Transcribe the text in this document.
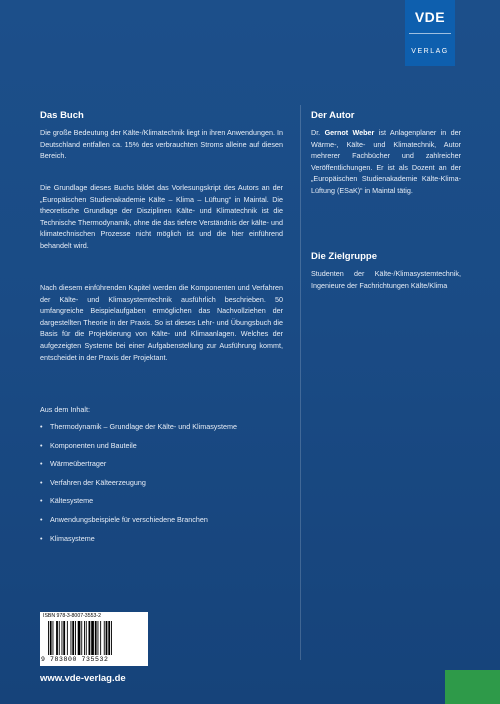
VDE
VERLAG
Das Buch

Die große Bedeutung der Kälte-/Klimatechnik liegt in ihren Anwendungen. In Deutschland entfallen ca. 15% des verbrauchten Stroms alleine auf diesen Bereich.

Die Grundlage dieses Buchs bildet das Vorlesungskript des Autors an der „Europäischen Studienakademie Kälte – Klima – Lüftung“ in Maintal. Die theoretische Grundlage der Disziplinen Kälte- und Klimatechnik ist die Technische Thermodynamik, ohne die das tiefere Verständnis der kälte- und klimatechnischen Prozesse nicht möglich ist und die hier einführend behandelt wird.

Nach diesem einführenden Kapitel werden die Komponenten und Verfahren der Kälte- und Klimasystemtechnik ausführlich beschrieben. 50 umfangreiche Beispielaufgaben ermöglichen das Nachvollziehen der dargestellten Theorie in der Praxis. So ist dieses Lehr- und Übungsbuch die Basis für die Projektierung von Kälte- und Klimaanlagen. Welches der aufgezeigten Systeme bei einer Aufgabenstellung zur Ausführung kommt, entscheidet in der Praxis der Projektant.

Aus dem Inhalt:
• Thermodynamik – Grundlage der Kälte- und Klimasysteme
• Komponenten und Bauteile
• Wärmeübertrager
• Verfahren der Kälteerzeugung
• Kältesysteme
• Anwendungsbeispiele für verschiedene Branchen
• Klimasysteme
Der Autor

Dr. Gernot Weber ist Anlagenplaner in der Wärme-, Kälte- und Klimatechnik, Autor mehrerer Fachbücher und zahlreicher Veröffentlichungen. Er ist als Dozent an der „Europäischen Studienakademie Kälte-Klima-Lüftung (ESaK)“ in Maintal tätig.

Die Zielgruppe

Studenten der Kälte-/Klimasystemtechnik, Ingenieure der Fachrichtungen Kälte/Klima

ISBN 978-3-8007-3553-2
9 783800 735532
www.vde-verlag.de
